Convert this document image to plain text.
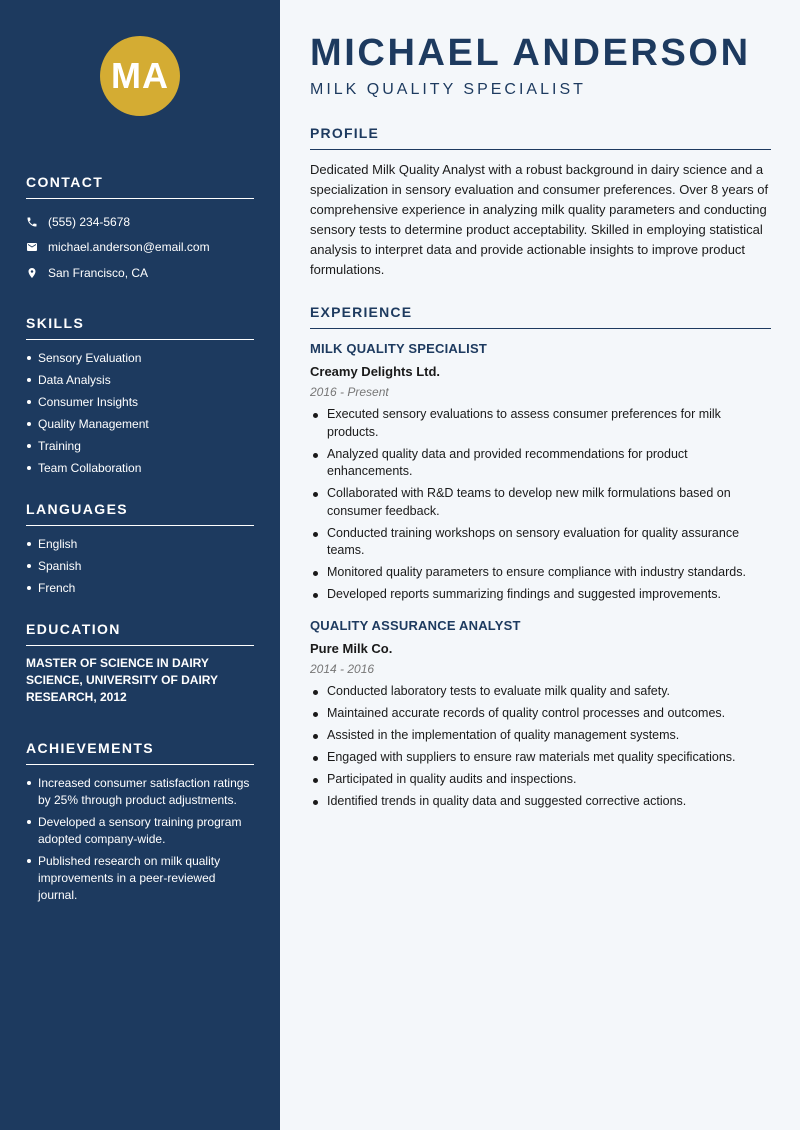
MA
CONTACT
(555) 234-5678
michael.anderson@email.com
San Francisco, CA
SKILLS
Sensory Evaluation
Data Analysis
Consumer Insights
Quality Management
Training
Team Collaboration
LANGUAGES
English
Spanish
French
EDUCATION

MASTER OF SCIENCE IN DAIRY SCIENCE, UNIVERSITY OF DAIRY RESEARCH, 2012

ACHIEVEMENTS
Increased consumer satisfaction ratings by 25% through product adjustments.
Developed a sensory training program adopted company-wide.
Published research on milk quality improvements in a peer-reviewed journal.
MICHAEL ANDERSON
MILK QUALITY SPECIALIST
PROFILE

Dedicated Milk Quality Analyst with a robust background in dairy science and a specialization in sensory evaluation and consumer preferences. Over 8 years of comprehensive experience in analyzing milk quality parameters and conducting sensory tests to determine product acceptability. Skilled in employing statistical analysis to interpret data and provide actionable insights to improve product formulations.

EXPERIENCE
MILK QUALITY SPECIALIST
Creamy Delights Ltd.
2016 - Present
Executed sensory evaluations to assess consumer preferences for milk products.
Analyzed quality data and provided recommendations for product enhancements.
Collaborated with R&D teams to develop new milk formulations based on consumer feedback.
Conducted training workshops on sensory evaluation for quality assurance teams.
Monitored quality parameters to ensure compliance with industry standards.
Developed reports summarizing findings and suggested improvements.
QUALITY ASSURANCE ANALYST
Pure Milk Co.
2014 - 2016
Conducted laboratory tests to evaluate milk quality and safety.
Maintained accurate records of quality control processes and outcomes.
Assisted in the implementation of quality management systems.
Engaged with suppliers to ensure raw materials met quality specifications.
Participated in quality audits and inspections.
Identified trends in quality data and suggested corrective actions.
